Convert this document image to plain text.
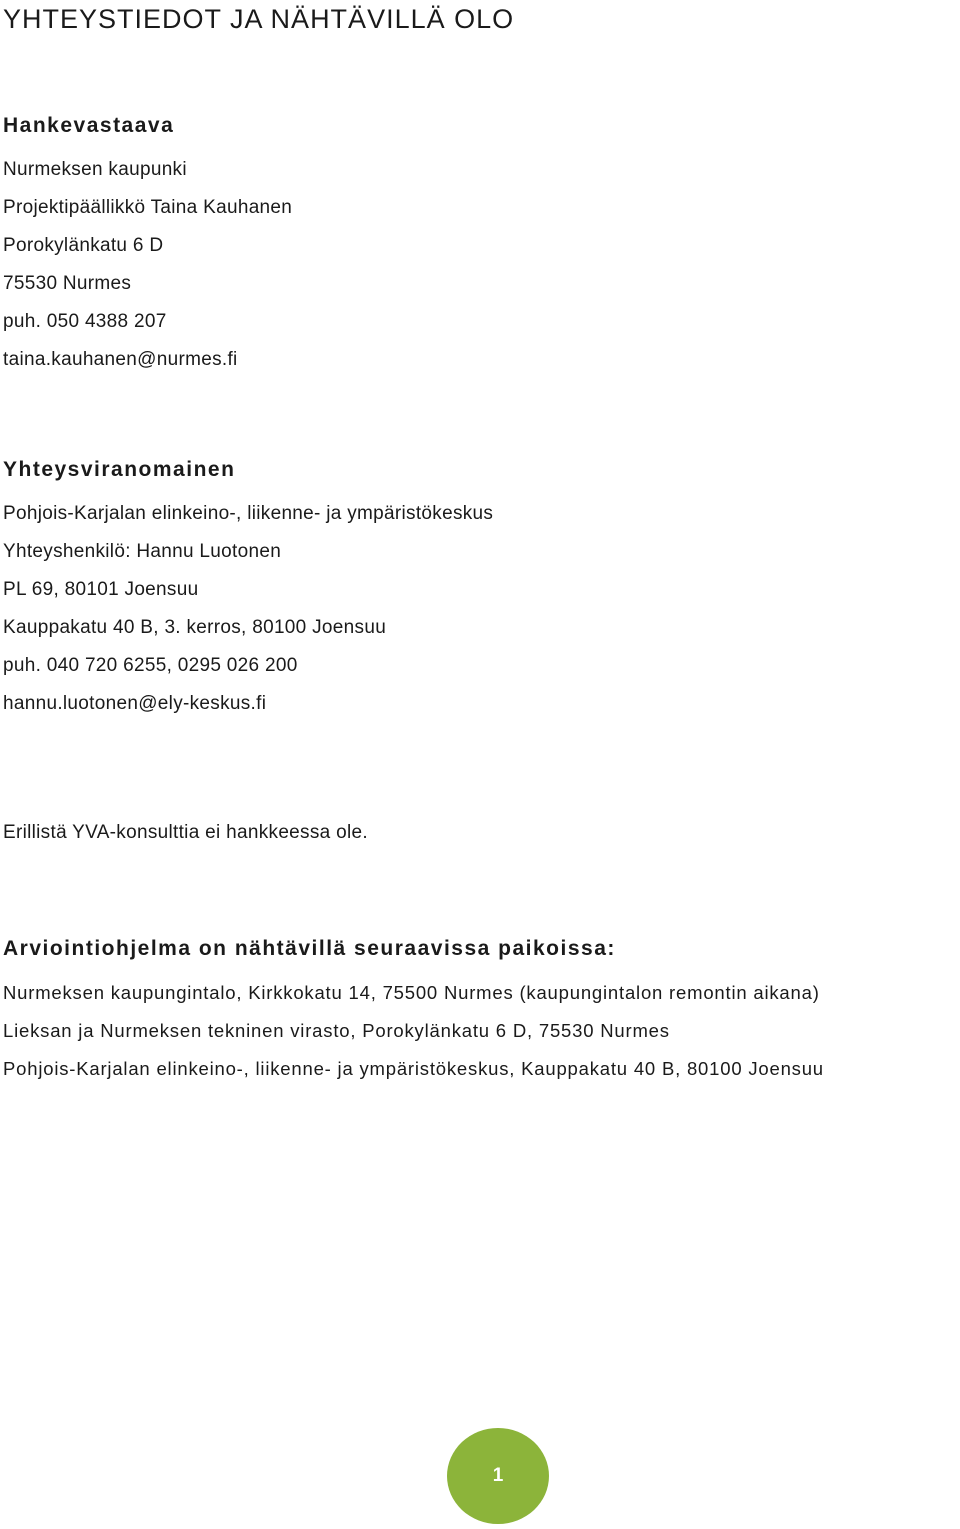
YHTEYSTIEDOT JA NÄHTÄVILLÄ OLO
Hankevastaava

Nurmeksen kaupunki

Projektipäällikkö Taina Kauhanen

Porokylänkatu 6 D

75530 Nurmes

puh. 050 4388 207

taina.kauhanen@nurmes.fi

Yhteysviranomainen

Pohjois-Karjalan elinkeino-, liikenne- ja ympäristökeskus

Yhteyshenkilö: Hannu Luotonen

PL 69, 80101 Joensuu

Kauppakatu 40 B, 3. kerros, 80100 Joensuu

puh. 040 720 6255, 0295 026 200

hannu.luotonen@ely-keskus.fi

Erillistä YVA-konsulttia ei hankkeessa ole.

Arviointiohjelma on nähtävillä seuraavissa paikoissa:

Nurmeksen kaupungintalo, Kirkkokatu 14, 75500 Nurmes (kaupungintalon remontin aikana)

Lieksan ja Nurmeksen tekninen virasto, Porokylänkatu 6 D, 75530 Nurmes

Pohjois-Karjalan elinkeino-, liikenne- ja ympäristökeskus, Kauppakatu 40 B, 80100 Joensuu

1
